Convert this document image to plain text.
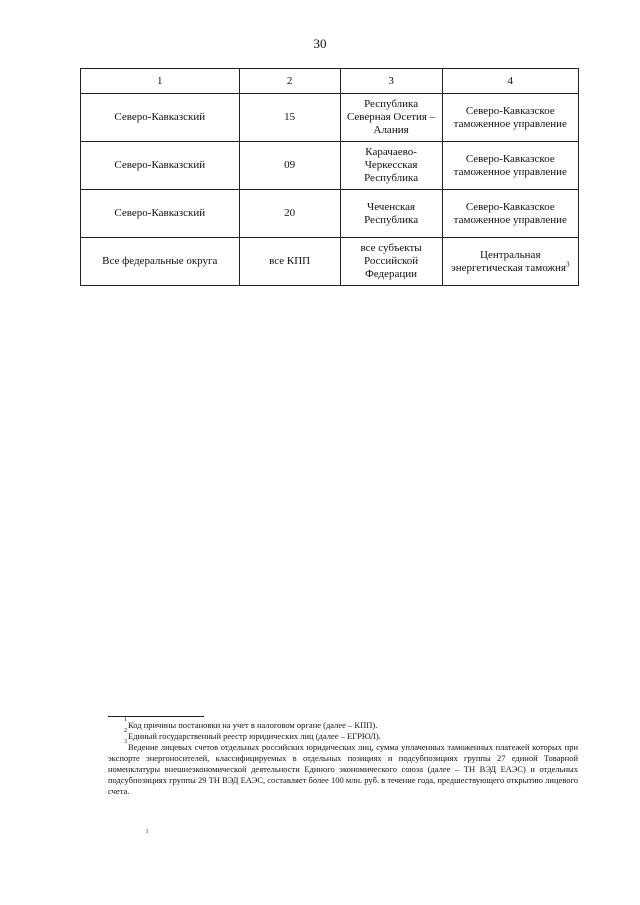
30
1	2	3	4
Северо-Кавказский	15	Республика Северная Осетия – Алания	Северо-Кавказское таможенное управление
Северо-Кавказский	09	Карачаево-Черкесская Республика	Северо-Кавказское таможенное управление
Северо-Кавказский	20	Чеченская Республика	Северо-Кавказское таможенное управление
Все федеральные округа	все КПП	все субъекты Российской Федерации	Центральная энергетическая таможня$^3$

$^1$Код причины постановки на учет в налоговом органе (далее – КПП).

$^2$Единый государственный реестр юридических лиц (далее – ЕГРЮЛ).

$^3$Ведение лицевых счетов отдельных российских юридических лиц, сумма уплаченных таможенных платежей которых при экспорте энергоносителей, классифицируемых в отдельных позициях и подсубпозициях группы 27 единой Товарной номенклатуры внешнеэкономической деятельности Единого экономического союза (далее – ТН ВЭД ЕАЭС) и отдельных подсубпозициях группы 29 ТН ВЭД ЕАЭС, составляет более 100 млн. руб. в течение года, предшествующего открытию лицевого счета.

ı
